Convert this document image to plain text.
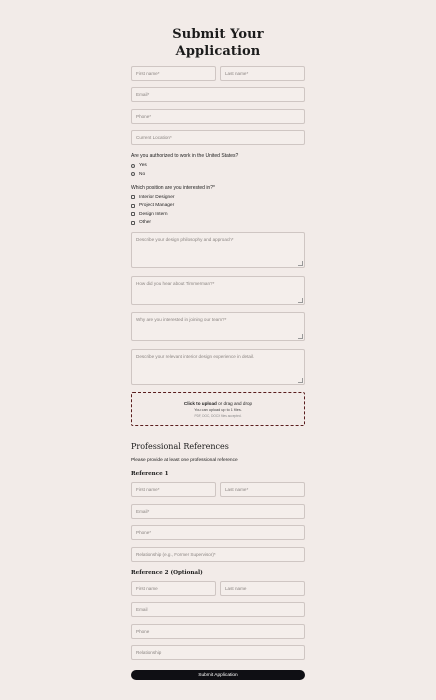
Submit Your Application
First name*	Last name*
Email*
Phone*
Current Location*
Are you authorized to work in the United States?
Yes
No
Which position are you interested in?*
Interior Designer
Project Manager
Design Intern
Other
Describe your design philosophy and approach*
How did you hear about Timmerman?*
Why are you interested in joining our team?*
Describe your relevant interior design experience in detail.
Click to upload or drag and drop
You can upload up to 1 files.
PDF, DOC, DOCX files accepted.
Professional References
Please provide at least one professional reference
Reference 1
First name*	Last name*
Email*
Phone*
Relationship (e.g., Former Supervisor)*
Reference 2 (Optional)
First name	Last name
Email
Phone
Relationship
Submit Application
